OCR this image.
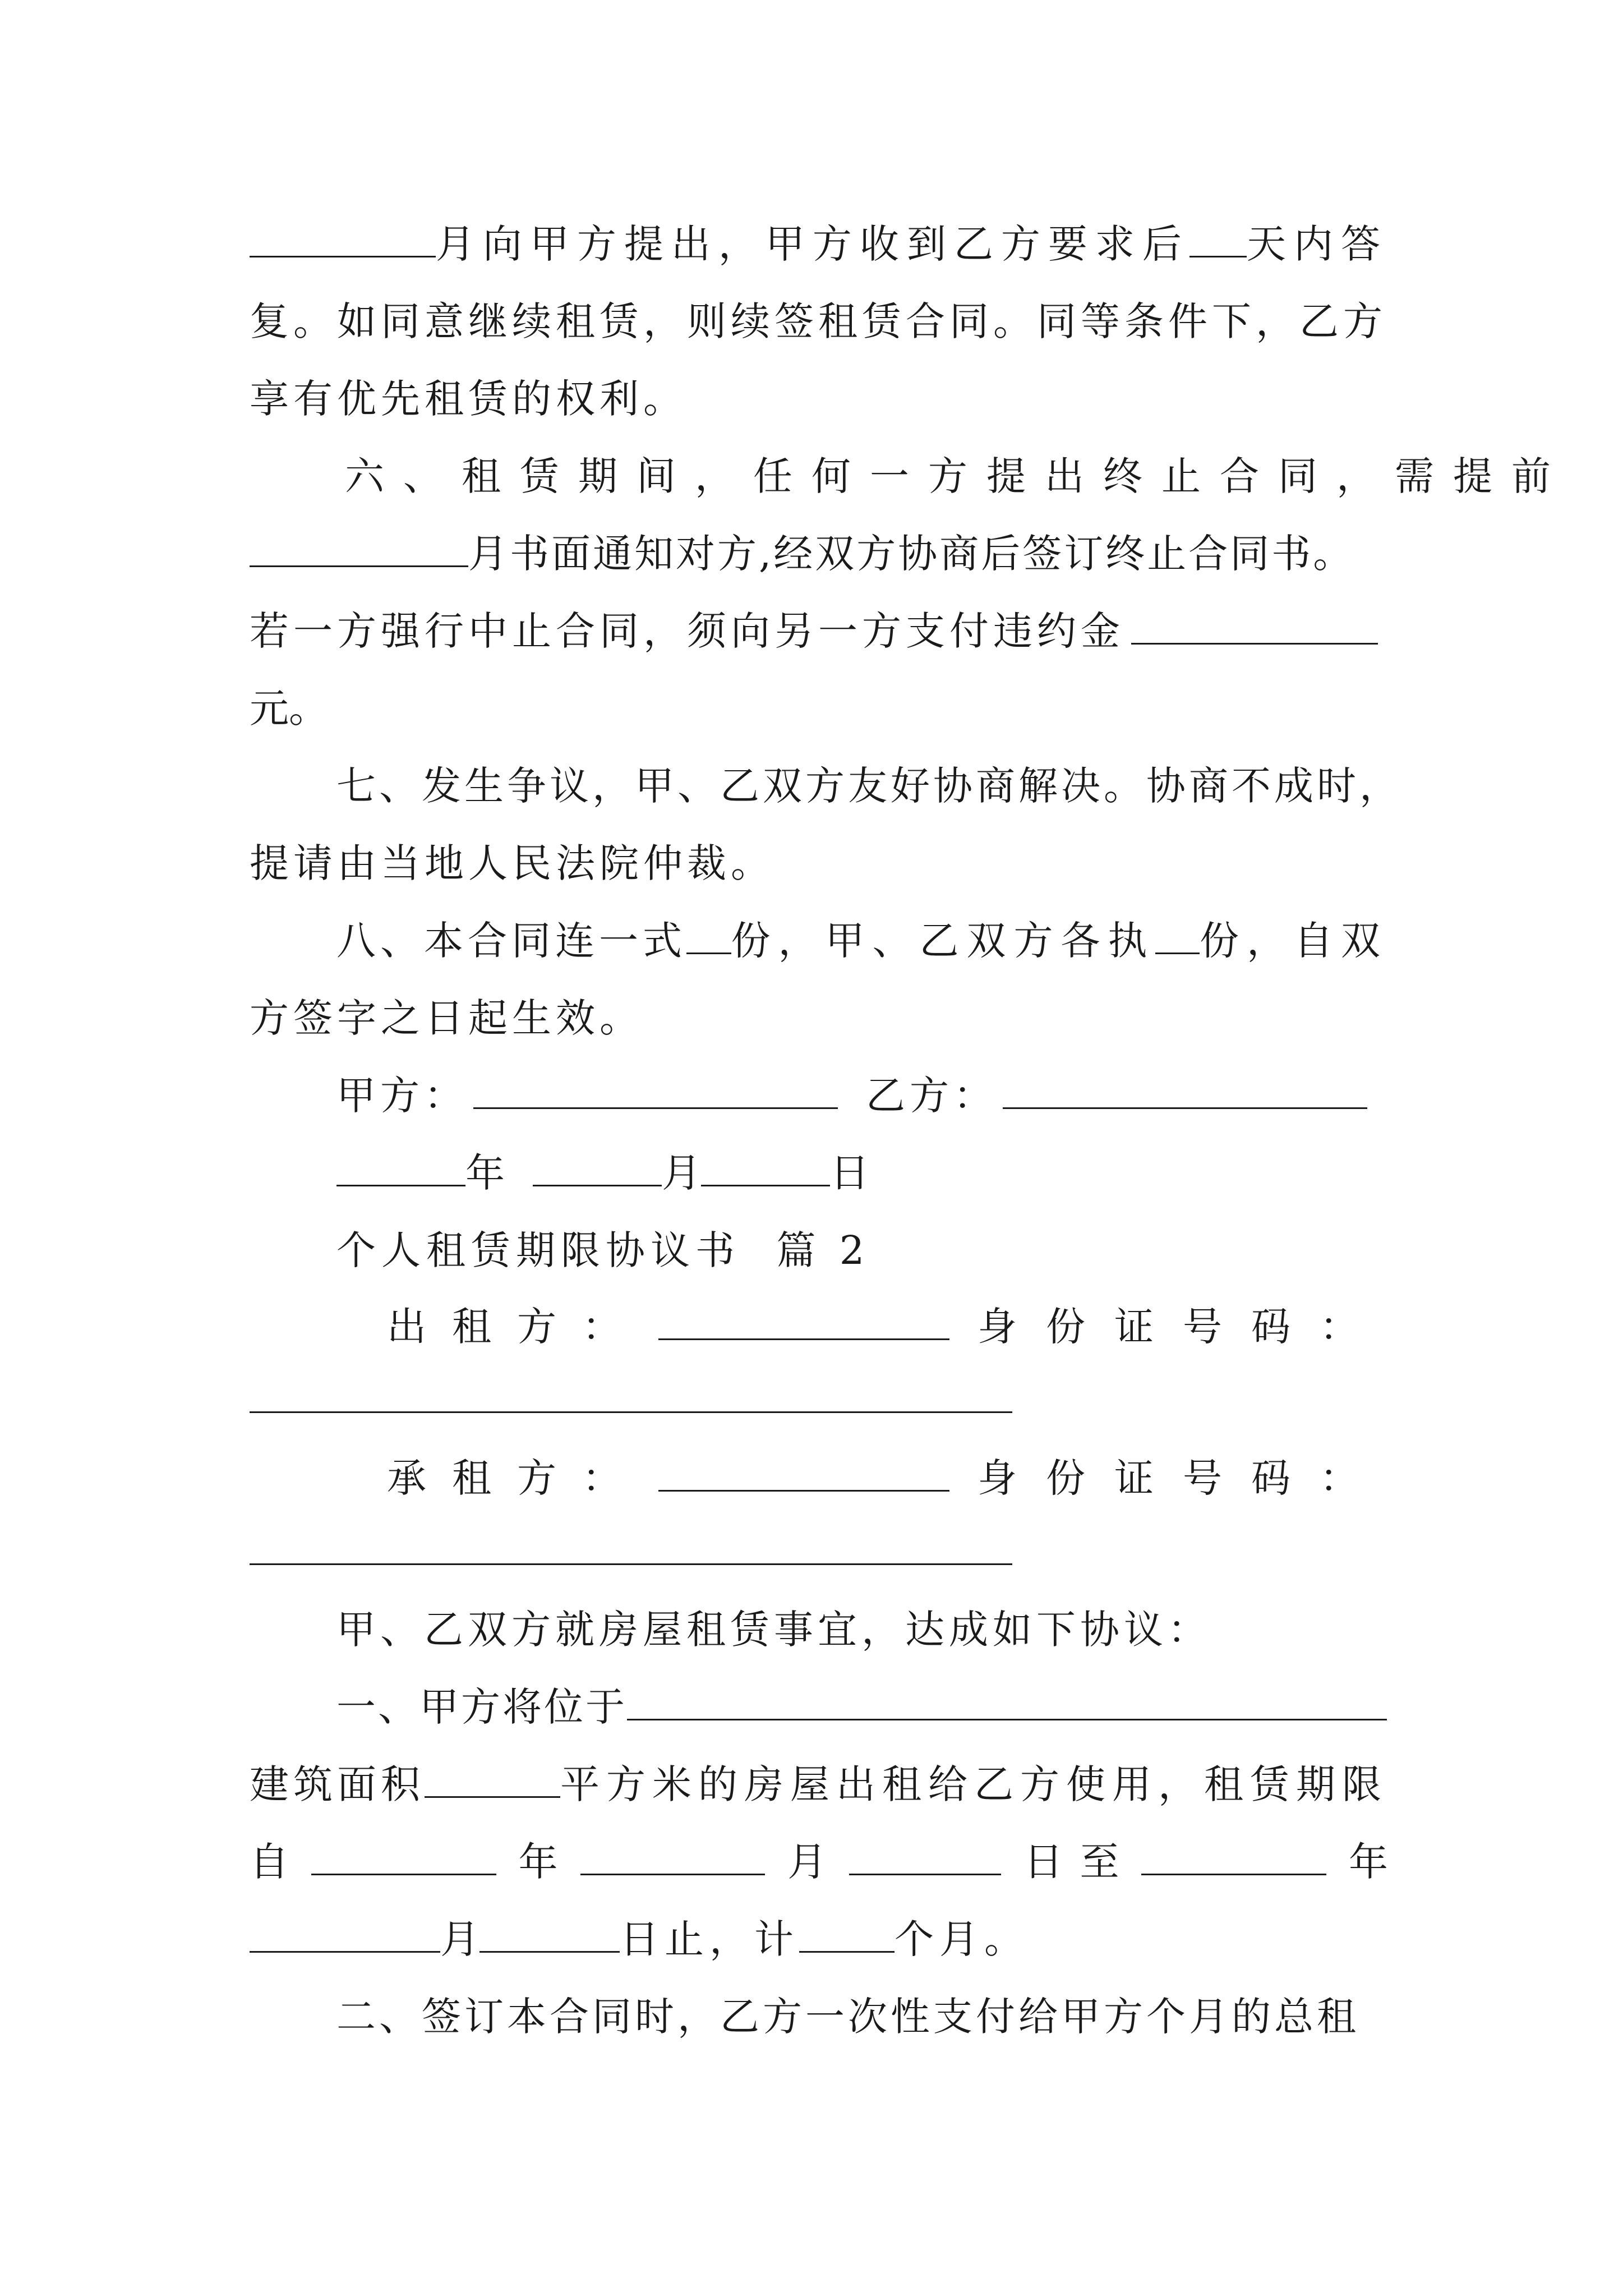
月向甲方提出，甲方收到乙方要求后 天内答
复。如同意继续租赁，则续签租赁合同。同等条件下，乙方
享有优先租赁的权利。
六、租赁期间，任何一方提出终止合同，需提前
月书面通知对方,经双方协商后签订终止合同书。
若一方强行中止合同，须向另一方支付违约金
元。
七、发生争议，甲、乙双方友好协商解决。协商不成时，
提请由当地人民法院仲裁。
八、本合同连一式 份，甲、乙双方各执 份，自双
方签字之日起生效。
甲方：	乙方：
年	月	日
个人租赁期限协议书  篇 2
出租方：	身份证号码：
承租方：	身份证号码：
甲、乙双方就房屋租赁事宜，达成如下协议：
一、甲方将位于
建筑面积	平方米的房屋出租给乙方使用，租赁期限
自	年	月	日至	年
月	日止，计 个月。
二、签订本合同时，乙方一次性支付给甲方个月的总租
